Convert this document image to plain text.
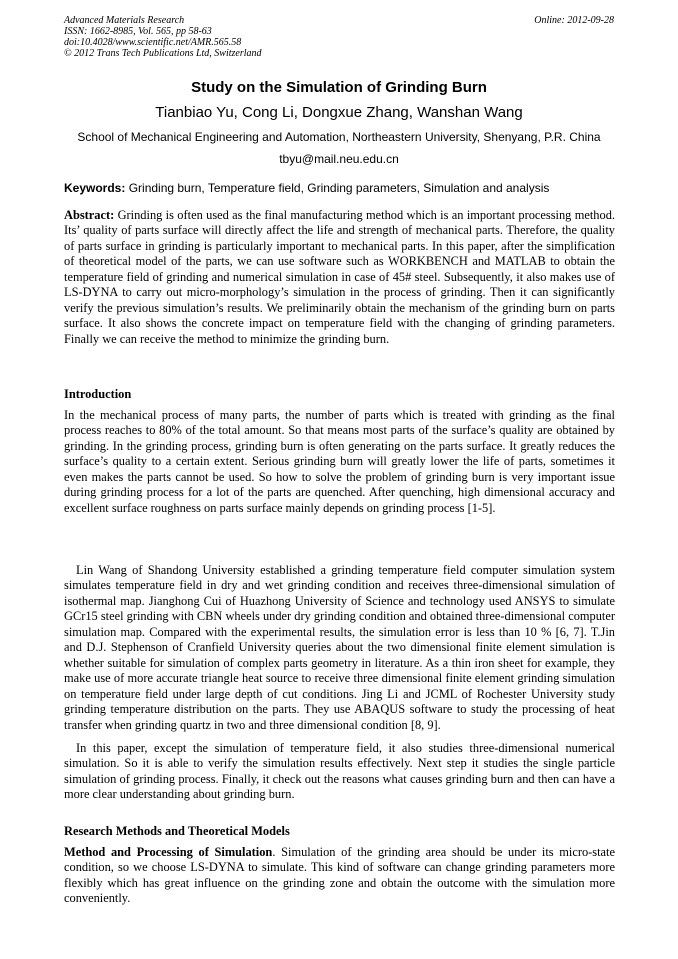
Advanced Materials Research
ISSN: 1662-8985, Vol. 565, pp 58-63
doi:10.4028/www.scientific.net/AMR.565.58
© 2012 Trans Tech Publications Ltd, Switzerland
Online: 2012-09-28
Study on the Simulation of Grinding Burn
Tianbiao Yu, Cong Li, Dongxue Zhang, Wanshan Wang
School of Mechanical Engineering and Automation, Northeastern University, Shenyang, P.R. China
tbyu@mail.neu.edu.cn
Keywords: Grinding burn, Temperature field, Grinding parameters, Simulation and analysis

Abstract: Grinding is often used as the final manufacturing method which is an important processing method. Its’ quality of parts surface will directly affect the life and strength of mechanical parts. Therefore, the quality of parts surface in grinding is particularly important to mechanical parts. In this paper, after the simplification of theoretical model of the parts, we can use software such as WORKBENCH and MATLAB to obtain the temperature field of grinding and numerical simulation in case of 45# steel. Subsequently, it also makes use of LS-DYNA to carry out micro-morphology’s simulation in the process of grinding. Then it can significantly verify the previous simulation’s results. We preliminarily obtain the mechanism of the grinding burn on parts surface. It also shows the concrete impact on temperature field with the changing of grinding parameters. Finally we can receive the method to minimize the grinding burn.

Introduction

In the mechanical process of many parts, the number of parts which is treated with grinding as the final process reaches to 80% of the total amount. So that means most parts of the surface’s quality are obtained by grinding. In the grinding process, grinding burn is often generating on the parts surface. It greatly reduces the surface’s quality to a certain extent. Serious grinding burn will greatly lower the life of parts, sometimes it even makes the parts cannot be used. So how to solve the problem of grinding burn is very important issue during grinding process for a lot of the parts are quenched. After quenching, high dimensional accuracy and excellent surface roughness on parts surface mainly depends on grinding process [1-5].

Lin Wang of Shandong University established a grinding temperature field computer simulation system simulates temperature field in dry and wet grinding condition and receives three-dimensional simulation of isothermal map. Jianghong Cui of Huazhong University of Science and technology used ANSYS to simulate GCr15 steel grinding with CBN wheels under dry grinding condition and obtained three-dimensional computer simulation map. Compared with the experimental results, the simulation error is less than 10 % [6, 7]. T.Jin and D.J. Stephenson of Cranfield University queries about the two dimensional finite element simulation is whether suitable for simulation of complex parts geometry in literature. As a thin iron sheet for example, they make use of more accurate triangle heat source to receive three dimensional finite element grinding simulation on temperature field under large depth of cut conditions. Jing Li and JCML of Rochester University study grinding temperature distribution on the parts. They use ABAQUS software to study the processing of heat transfer when grinding quartz in two and three dimensional condition [8, 9].

In this paper, except the simulation of temperature field, it also studies three-dimensional numerical simulation. So it is able to verify the simulation results effectively. Next step it studies the single particle simulation of grinding process. Finally, it check out the reasons what causes grinding burn and then can have a more clear understanding about grinding burn.

Research Methods and Theoretical Models

Method and Processing of Simulation. Simulation of the grinding area should be under its micro-state condition, so we choose LS-DYNA to simulate. This kind of software can change grinding parameters more flexibly which has great influence on the grinding zone and obtain the outcome with the simulation more conveniently.
